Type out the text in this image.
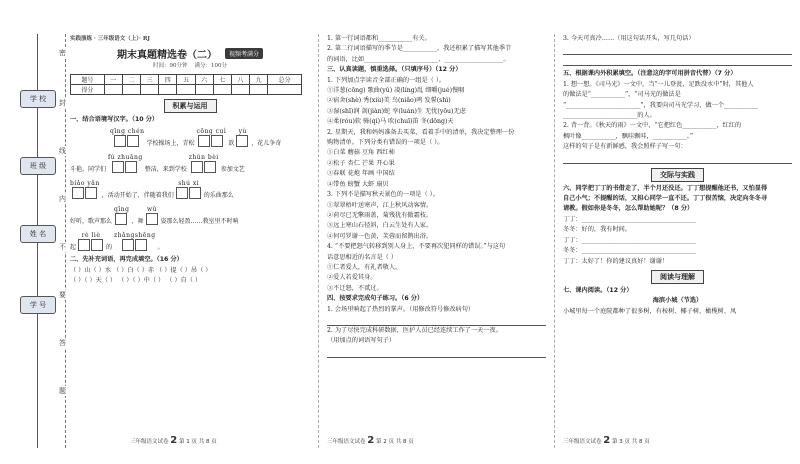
学 校
班 级
姓 名
学 号
密
封
线
内
不
要
答
题
实践演练 · 三年级语文（上）· RJ
期末真题精选卷（二）	视频考满分
时间：90分钟 满分：100分
题号	一	二	三	四	五	六	七	八	九	总分
得分										
积累与运用
一、结合语境写汉字。（10 分）
qīng chén
学校操场上，青松
cōng cuì
欲
yù
，花儿争奇
斗艳。同学们
fú zhuāng
整洁，来到学校
zhǔn bèi
参加文艺
biǎo yǎn
，活动开始了，伴随着我们
shú xi
的乐曲那么
好听，歌声那么
qīng
，舞
wǔ
姿那么轻盈……教室里不时响
起
rè liè
的
zhǎngshēng
。
二、先补充词语，再完成填空。（16 分）
（ ）山（ ）水 （ ）白（ ）赤 （ ）提（ ）吊（ ）
（ ）（ ）天（ ） （ ）（ ）中（ ） （ ）自（ ）
三年级语文试卷 2 第 1 页 共 8 页
1. 第一行词语都和___________有关。
2. 第二行词语描写的季节是___________，我还积累了描写其他季节
的词语，比如________________________、___________________。
三、认真读题，慎重选择。（只填序号）（12 分）
1. 下列加点字读音全部正确的一组是（ ）。
①洋葱(cōng) 歌曲(yǔ) 凌(líng)乱 细嚼(jué)慢咽
②宿舍(shè) 秀(xiù)美 鸟(niǎo)鸣 发誓(shì)
③湿(shī)润 剑(jiàn)蛇 孪(luán)生 无忧(yōu)无虑
④柔(róu)软 骑(qí)马 吹(chuī)笛 冬(dōng)天
2. 星期天，我和妈妈准备去买菜，看着手中的清单，我决定整理一份
购物清单。下列分类有错误的一项是（ ）。
①白菜 蘑菇 豆角 西红柿
②松子 杏仁 芒果 开心果
③春联 花炮 年画 中国结
④带鱼 螃蟹 大虾 扇贝
3. 下列不是描写秋天景色的一项是（ ）。
①翠翠梧叶送寒声，江上秋风动客情。
②荷尽已无擎雨盖，菊残犹有傲霜枝。
③远上寒山石径斜，白云生处有人家。
④何可罗谢一色黄，芙蓉而留鹊出浴。
4. “不要把怒气转移到别人身上，不要再次犯同样的错误。”与这句
话意思相近的名言是（ ）
①仁者爱人，有礼者敬人。
②爱人若爱其身。
③不迁怒，不贰过。
四、按要求完成句子练习。（6 分）
1. 会场里响起了热烈的掌声。（用修改符号修改病句）
2. 为了尽快完成科研数据，医护人员已经连续工作了一天一夜。
（用加点的词语写句子）
三年级语文试卷 2 第 2 页 共 8 页
3. 今天可真冷……（用这句话开头，写几句话）
五、根据课内外积累填空。（注意这的字可用拼音代替）（7 分）
1. 想一想。《司马光》一文中，当“一儿登瓮，足跌没水中”时，其他人
的做法是“___________”，“司马光的做法是
“________________________”，我要向司马光学习，做一个___________
________________________的人。
2. 背一背。《秋天的雨》一文中，“它把红色___________，红红的
枫叶像___________，飘哇飘哇，___________。”
这样的句子是有新鲜感，我会照样子写一句：
交际与实践
六、同学把丁丁的书借走了，半个月还没还。丁丁想提醒他还书，又怕显得
自己小气；不提醒的话，又担心同学一直不还。丁丁很苦恼，决定向冬冬寻
请教。假如你是冬冬，怎么帮助她呢？（8 分）
丁丁：_____________________________________
冬冬：好的，我有时间。
丁丁：_____________________________________
冬冬：_____________________________________
丁丁：太好了！你的建议真好！谢谢！
阅读与理解
七、课内阅读。（12 分）
海滨小城（节选）
小城里每一个庭院都种了很多树，有桉树、椰子树、橄榄树、凤
三年级语文试卷 2 第 3 页 共 8 页
